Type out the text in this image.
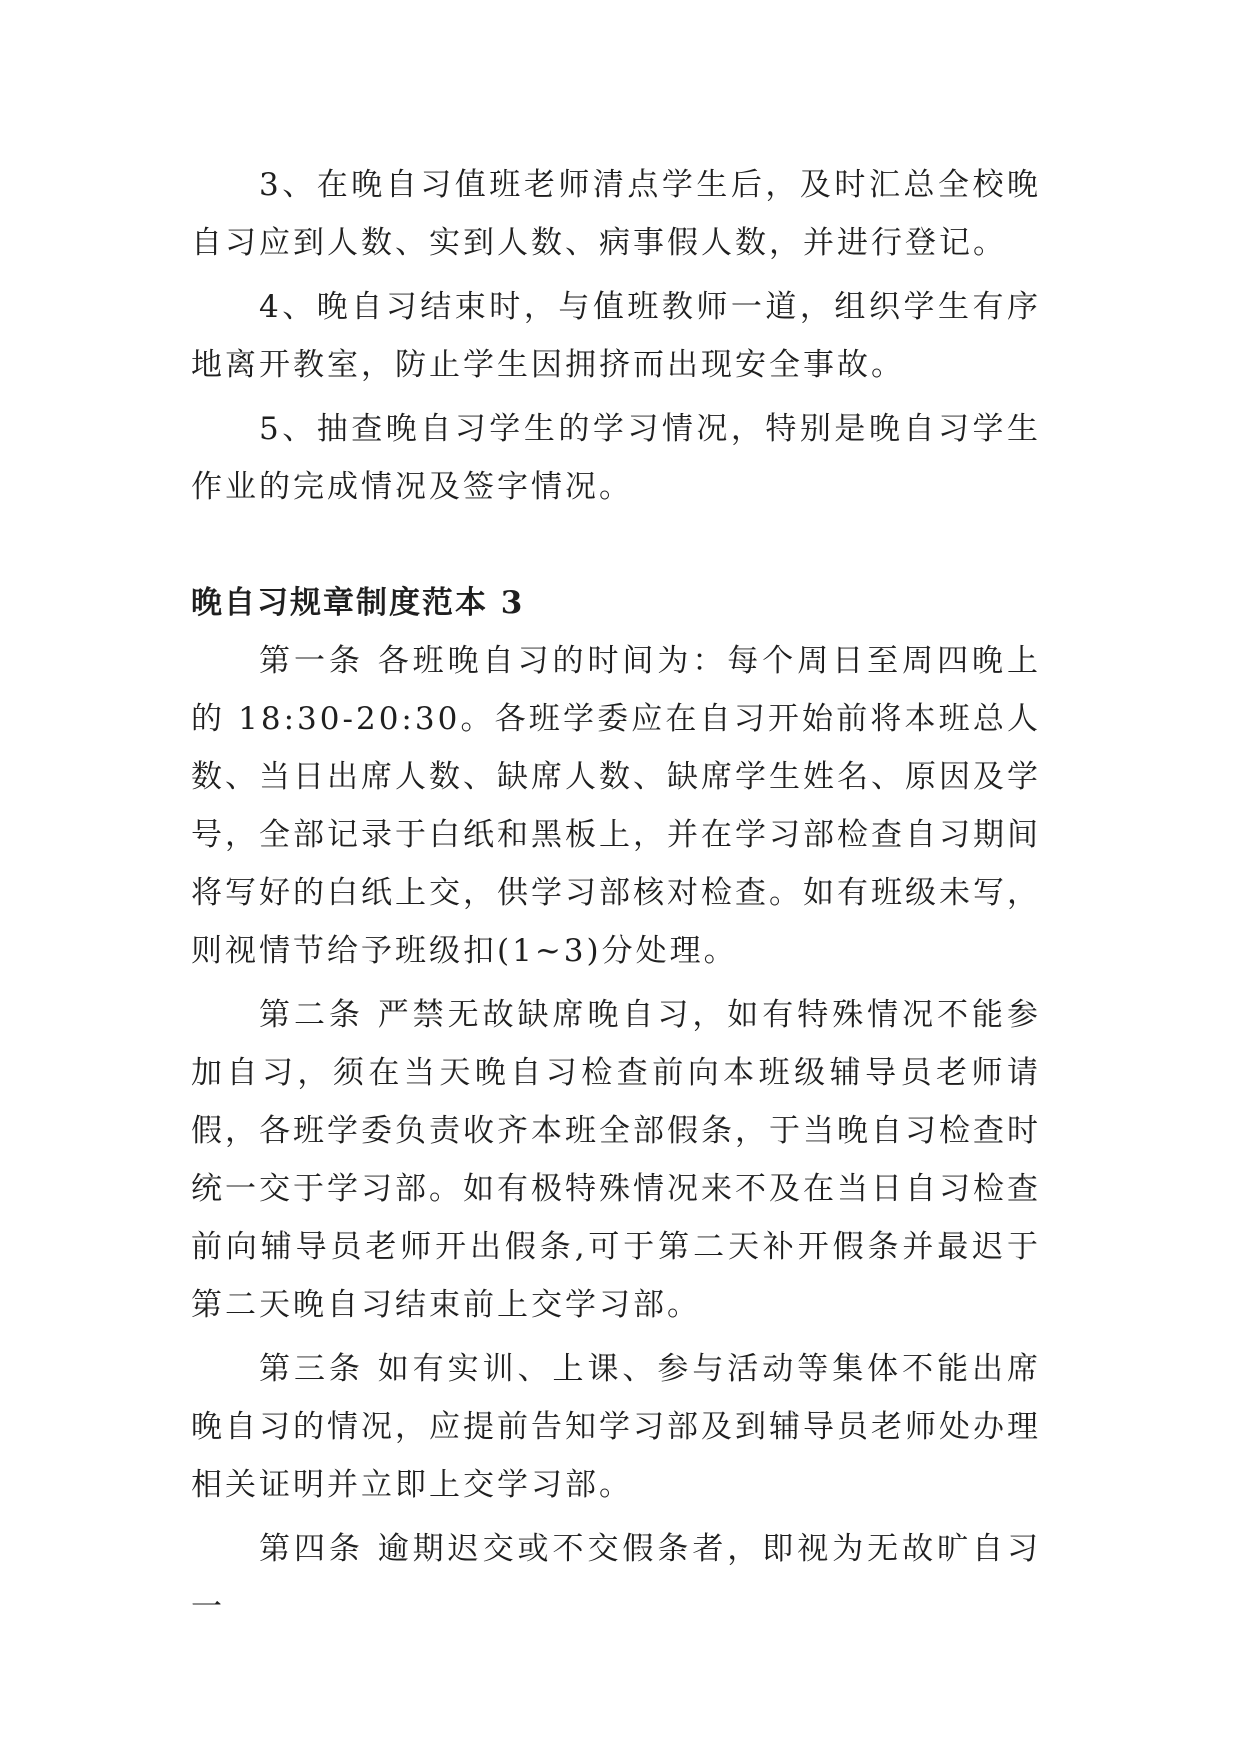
3、在晚自习值班老师清点学生后，及时汇总全校晚自习应到人数、实到人数、病事假人数，并进行登记。

4、晚自习结束时，与值班教师一道，组织学生有序地离开教室，防止学生因拥挤而出现安全事故。

5、抽查晚自习学生的学习情况，特别是晚自习学生作业的完成情况及签字情况。

晚自习规章制度范本 3

第一条 各班晚自习的时间为：每个周日至周四晚上的 18:30-20:30。各班学委应在自习开始前将本班总人数、当日出席人数、缺席人数、缺席学生姓名、原因及学号，全部记录于白纸和黑板上，并在学习部检查自习期间将写好的白纸上交，供学习部核对检查。如有班级未写，则视情节给予班级扣(1~3)分处理。

第二条 严禁无故缺席晚自习，如有特殊情况不能参加自习，须在当天晚自习检查前向本班级辅导员老师请假，各班学委负责收齐本班全部假条，于当晚自习检查时统一交于学习部。如有极特殊情况来不及在当日自习检查前向辅导员老师开出假条,可于第二天补开假条并最迟于第二天晚自习结束前上交学习部。

第三条 如有实训、上课、参与活动等集体不能出席晚自习的情况，应提前告知学习部及到辅导员老师处办理相关证明并立即上交学习部。

第四条 逾期迟交或不交假条者，即视为无故旷自习一
